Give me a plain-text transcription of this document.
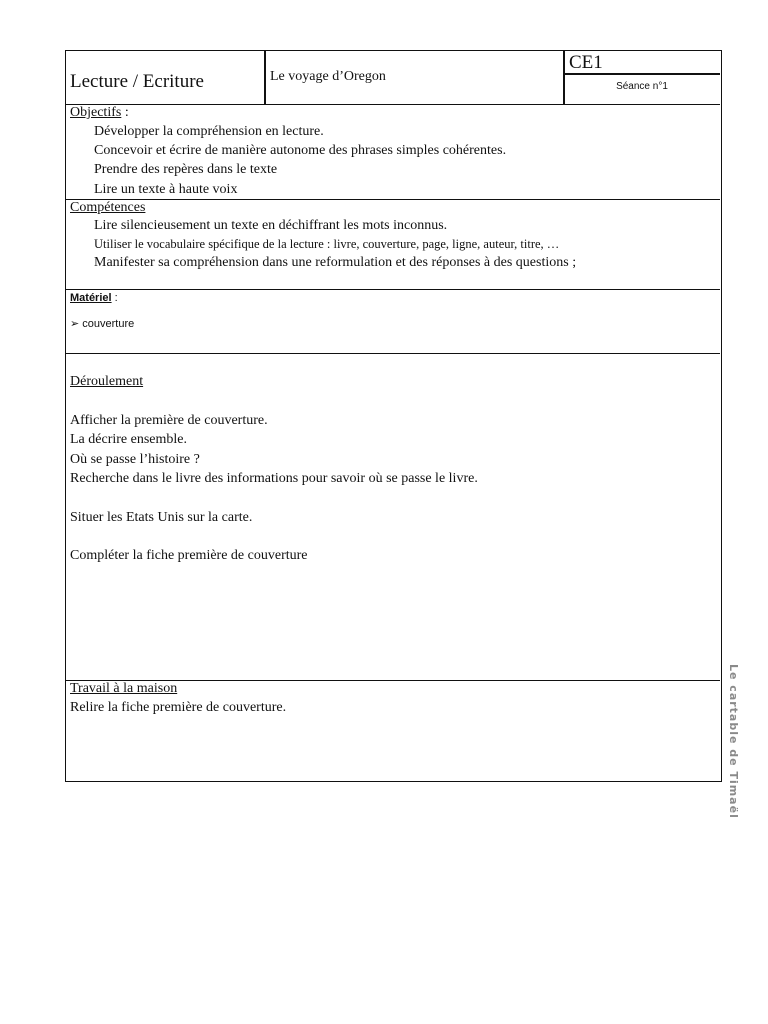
Lecture / Ecriture	Le voyage d’Oregon
CE1
Séance n°1
Objectifs :
Développer la compréhension en lecture.
Concevoir et écrire de manière autonome des phrases simples cohérentes.
Prendre des repères dans le texte
Lire un texte à haute voix
Compétences
Lire silencieusement un texte en déchiffrant les mots inconnus.
Utiliser le vocabulaire spécifique de la lecture : livre, couverture, page, ligne, auteur, titre, …
Manifester sa compréhension dans une reformulation et des réponses à des questions ;
Matériel :
➢ couverture
Déroulement
Afficher la première de couverture.
La décrire ensemble.
Où se passe l’histoire ?
Recherche dans le livre des informations pour savoir où se passe le livre.
Situer les Etats Unis sur la carte.
Compléter la fiche première de couverture
Travail à la maison
Relire la fiche première de couverture.	Le cartable de Timaël
